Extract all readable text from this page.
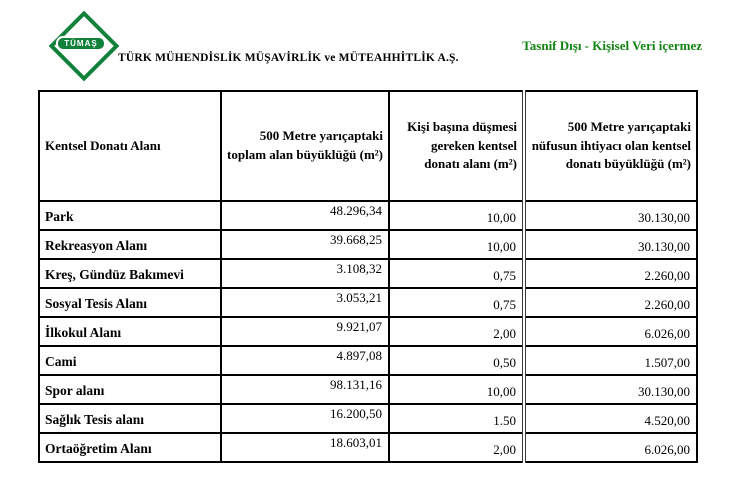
TÜMAŞ
TÜRK MÜHENDİSLİK MÜŞAVİRLİK ve MÜTEAHHİTLİK A.Ş.
Tasnif Dışı - Kişisel Veri içermez
Kentsel Donatı Alanı	500 Metre yarıçaptaki toplam alan büyüklüğü (m²)	Kişi başına düşmesi gereken kentsel donatı alanı (m²)	500 Metre yarıçaptaki nüfusun ihtiyacı olan kentsel donatı büyüklüğü (m²)
Park	48.296,34	10,00	30.130,00
Rekreasyon Alanı	39.668,25	10,00	30.130,00
Kreş, Gündüz Bakımevi	3.108,32	0,75	2.260,00
Sosyal Tesis Alanı	3.053,21	0,75	2.260,00
İlkokul Alanı	9.921,07	2,00	6.026,00
Cami	4.897,08	0,50	1.507,00
Spor alanı	98.131,16	10,00	30.130,00
Sağlık Tesis alanı	16.200,50	1.50	4.520,00
Ortaöğretim Alanı	18.603,01	2,00	6.026,00
